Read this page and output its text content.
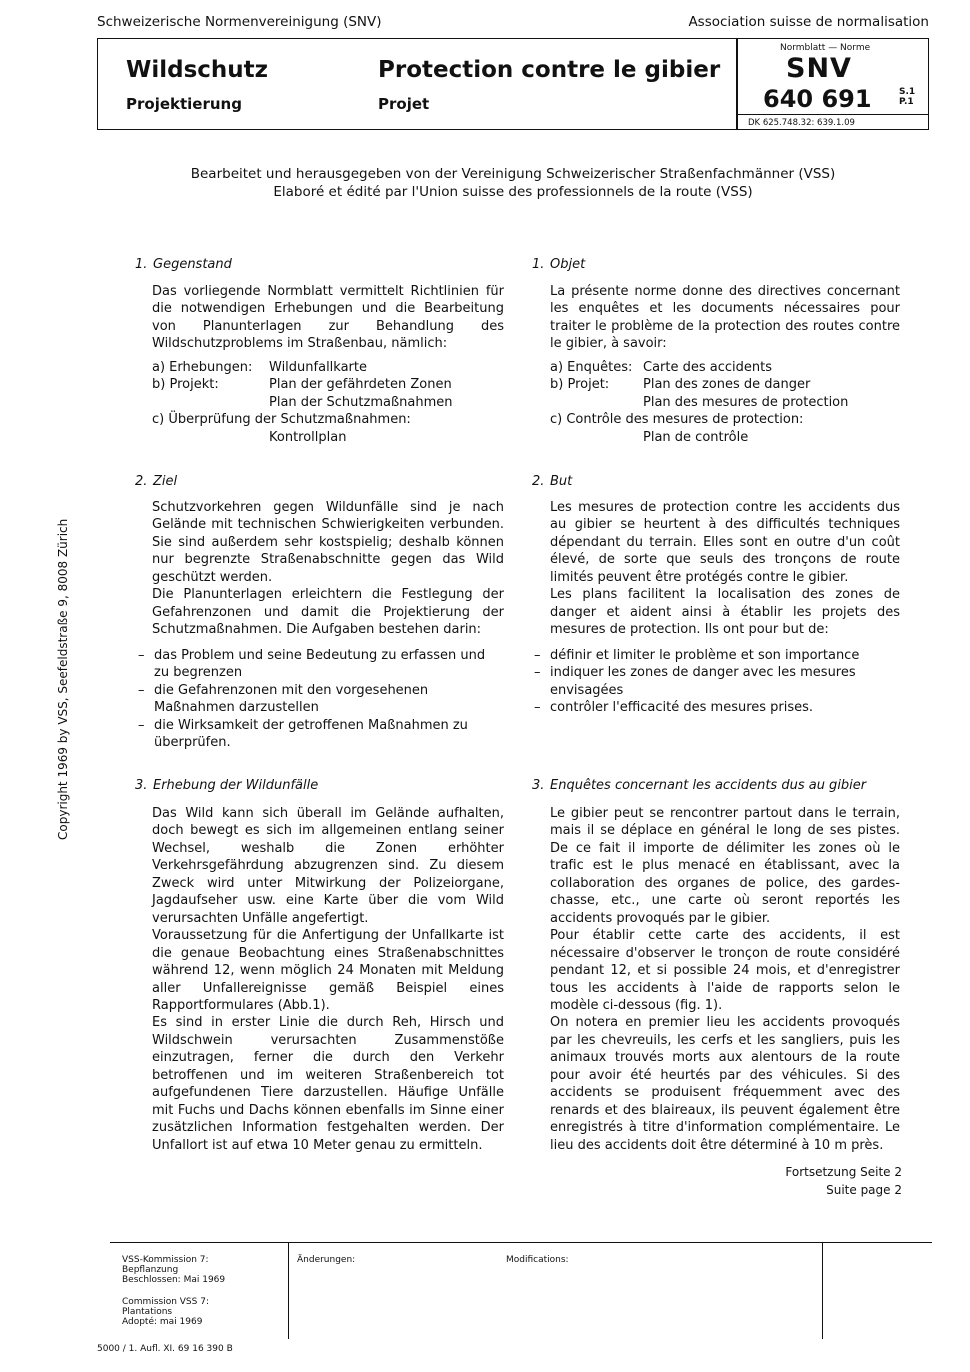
Schweizerische Normenvereinigung (SNV)	Association suisse de normalisation
Wildschutz
Projektierung
Protection contre le gibier
Projet
Normblatt — Norme
SNV
640 691	S.1
P.1
DK 625.748.32: 639.1.09
Bearbeitet und herausgegeben von der Vereinigung Schweizerischer Straßenfachmänner (VSS)
Elaboré et édité par l'Union suisse des professionnels de la route (VSS)
1. Gegenstand	1. Objet

Das vorliegende Normblatt vermittelt Richtlinien für die notwendigen Erhebungen und die Bearbeitung von Planunterlagen zur Behandlung des Wildschutzproblems im Straßenbau, nämlich:

La présente norme donne des directives concernant les enquêtes et les documents nécessaires pour traiter le problème de la protection des routes contre le gibier, à savoir:

a) Erhebungen:	Wildunfallkarte
b) Projekt:	Plan der gefährdeten Zonen
Plan der Schutzmaßnahmen
c) Überprüfung der Schutzmaßnahmen:
Kontrollplan
a) Enquêtes: Carte des accidents
b) Projet:	Plan des zones de danger
Plan des mesures de protection
c) Contrôle des mesures de protection:
Plan de contrôle
2. Ziel	2. But

Schutzvorkehren gegen Wildunfälle sind je nach Gelände mit technischen Schwierigkeiten verbunden. Sie sind außerdem sehr kostspielig; deshalb können nur begrenzte Straßenabschnitte gegen das Wild geschützt werden.

Die Planunterlagen erleichtern die Festlegung der Gefahrenzonen und damit die Projektierung der Schutzmaßnahmen. Die Aufgaben bestehen darin:

– das Problem und seine Bedeutung zu erfassen und zu begrenzen
– die Gefahrenzonen mit den vorgesehenen Maßnahmen darzustellen
– die Wirksamkeit der getroffenen Maßnahmen zu überprüfen.

Les mesures de protection contre les accidents dus au gibier se heurtent à des difficultés techniques dépendant du terrain. Elles sont en outre d'un coût élevé, de sorte que seuls des tronçons de route limités peuvent être protégés contre le gibier.

Les plans facilitent la localisation des zones de danger et aident ainsi à établir les projets des mesures de protection. Ils ont pour but de:

– définir et limiter le problème et son importance
– indiquer les zones de danger avec les mesures envisagées
– contrôler l'efficacité des mesures prises.
3. Erhebung der Wildunfälle	3. Enquêtes concernant les accidents dus au gibier

Das Wild kann sich überall im Gelände aufhalten, doch bewegt es sich im allgemeinen entlang seiner Wechsel, weshalb die Zonen erhöhter Verkehrsgefährdung abzugrenzen sind. Zu diesem Zweck wird unter Mitwirkung der Polizeiorgane, Jagdaufseher usw. eine Karte über die vom Wild verursachten Unfälle angefertigt.

Voraussetzung für die Anfertigung der Unfallkarte ist die genaue Beobachtung eines Straßenabschnittes während 12, wenn möglich 24 Monaten mit Meldung aller Unfallereignisse gemäß Beispiel eines Rapportformulares (Abb.1).

Es sind in erster Linie die durch Reh, Hirsch und Wildschwein verursachten Zusammenstöße einzutragen, ferner die durch den Verkehr betroffenen und im weiteren Straßenbereich tot aufgefundenen Tiere darzustellen. Häufige Unfälle mit Fuchs und Dachs können ebenfalls im Sinne einer zusätzlichen Information festgehalten werden. Der Unfallort ist auf etwa 10 Meter genau zu ermitteln.

Le gibier peut se rencontrer partout dans le terrain, mais il se déplace en général le long de ses pistes. De ce fait il importe de délimiter les zones où le trafic est le plus menacé en établissant, avec la collaboration des organes de police, des gardes-chasse, etc., une carte où seront reportés les accidents provoqués par le gibier.

Pour établir cette carte des accidents, il est nécessaire d'observer le tronçon de route considéré pendant 12, et si possible 24 mois, et d'enregistrer tous les accidents à l'aide de rapports selon le modèle ci-dessous (fig. 1).

On notera en premier lieu les accidents provoqués par les chevreuils, les cerfs et les sangliers, puis les animaux trouvés morts aux alentours de la route pour avoir été heurtés par des véhicules. Si des accidents se produisent fréquemment avec des renards et des blaireaux, ils peuvent également être enregistrés à titre d'information complémentaire. Le lieu des accidents doit être déterminé à 10 m près.

Copyright 1969 by VSS, Seefeldstraße 9, 8008 Zürich
Fortsetzung Seite 2
Suite page 2
VSS-Kommission 7:
Bepflanzung
Beschlossen: Mai 1969
Commission VSS 7:
Plantations
Adopté: mai 1969
Änderungen:	Modifications:
5000 / 1. Aufl. XI. 69 16 390 B
